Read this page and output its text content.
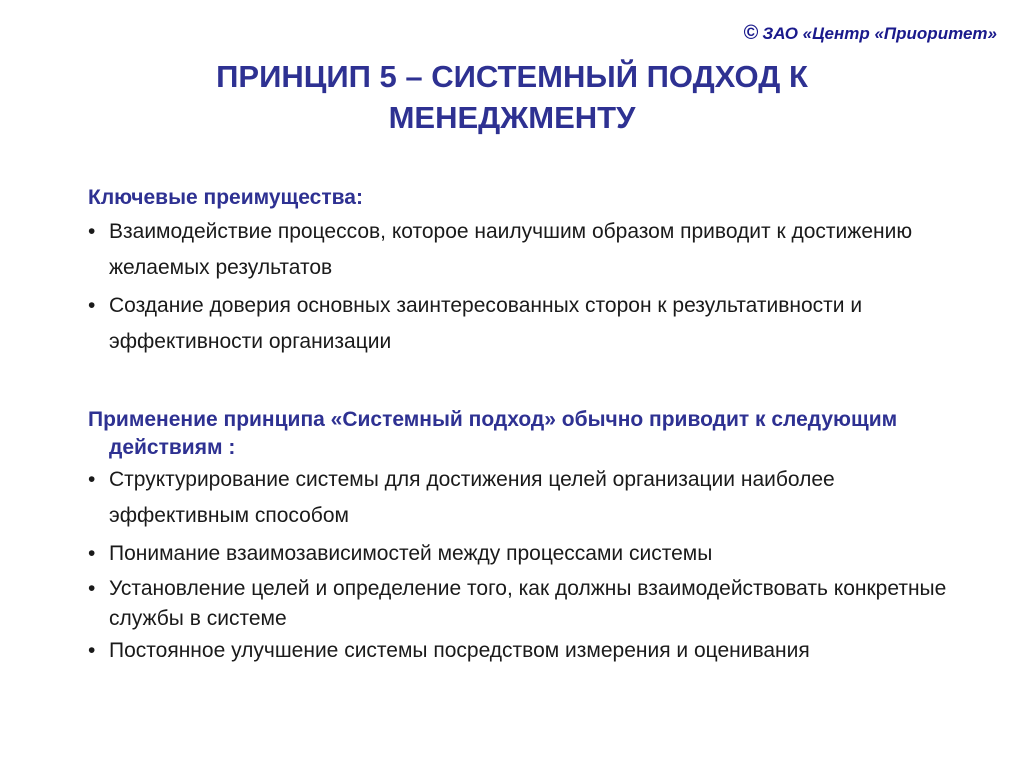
© ЗАО «Центр «Приоритет»
ПРИНЦИП 5 – СИСТЕМНЫЙ ПОДХОД К
МЕНЕДЖМЕНТУ
Ключевые преимущества:
• Взаимодействие процессов, которое наилучшим образом приводит к достижению желаемых результатов
• Создание доверия основных заинтересованных сторон к результативности и эффективности организации
Применение принципа «Системный подход» обычно приводит к следующим действиям :
• Структурирование системы для достижения целей организации наиболее эффективным способом
• Понимание взаимозависимостей между процессами системы
• Установление целей и определение того, как должны взаимодействовать конкретные службы в системе
• Постоянное улучшение системы посредством измерения и оценивания
